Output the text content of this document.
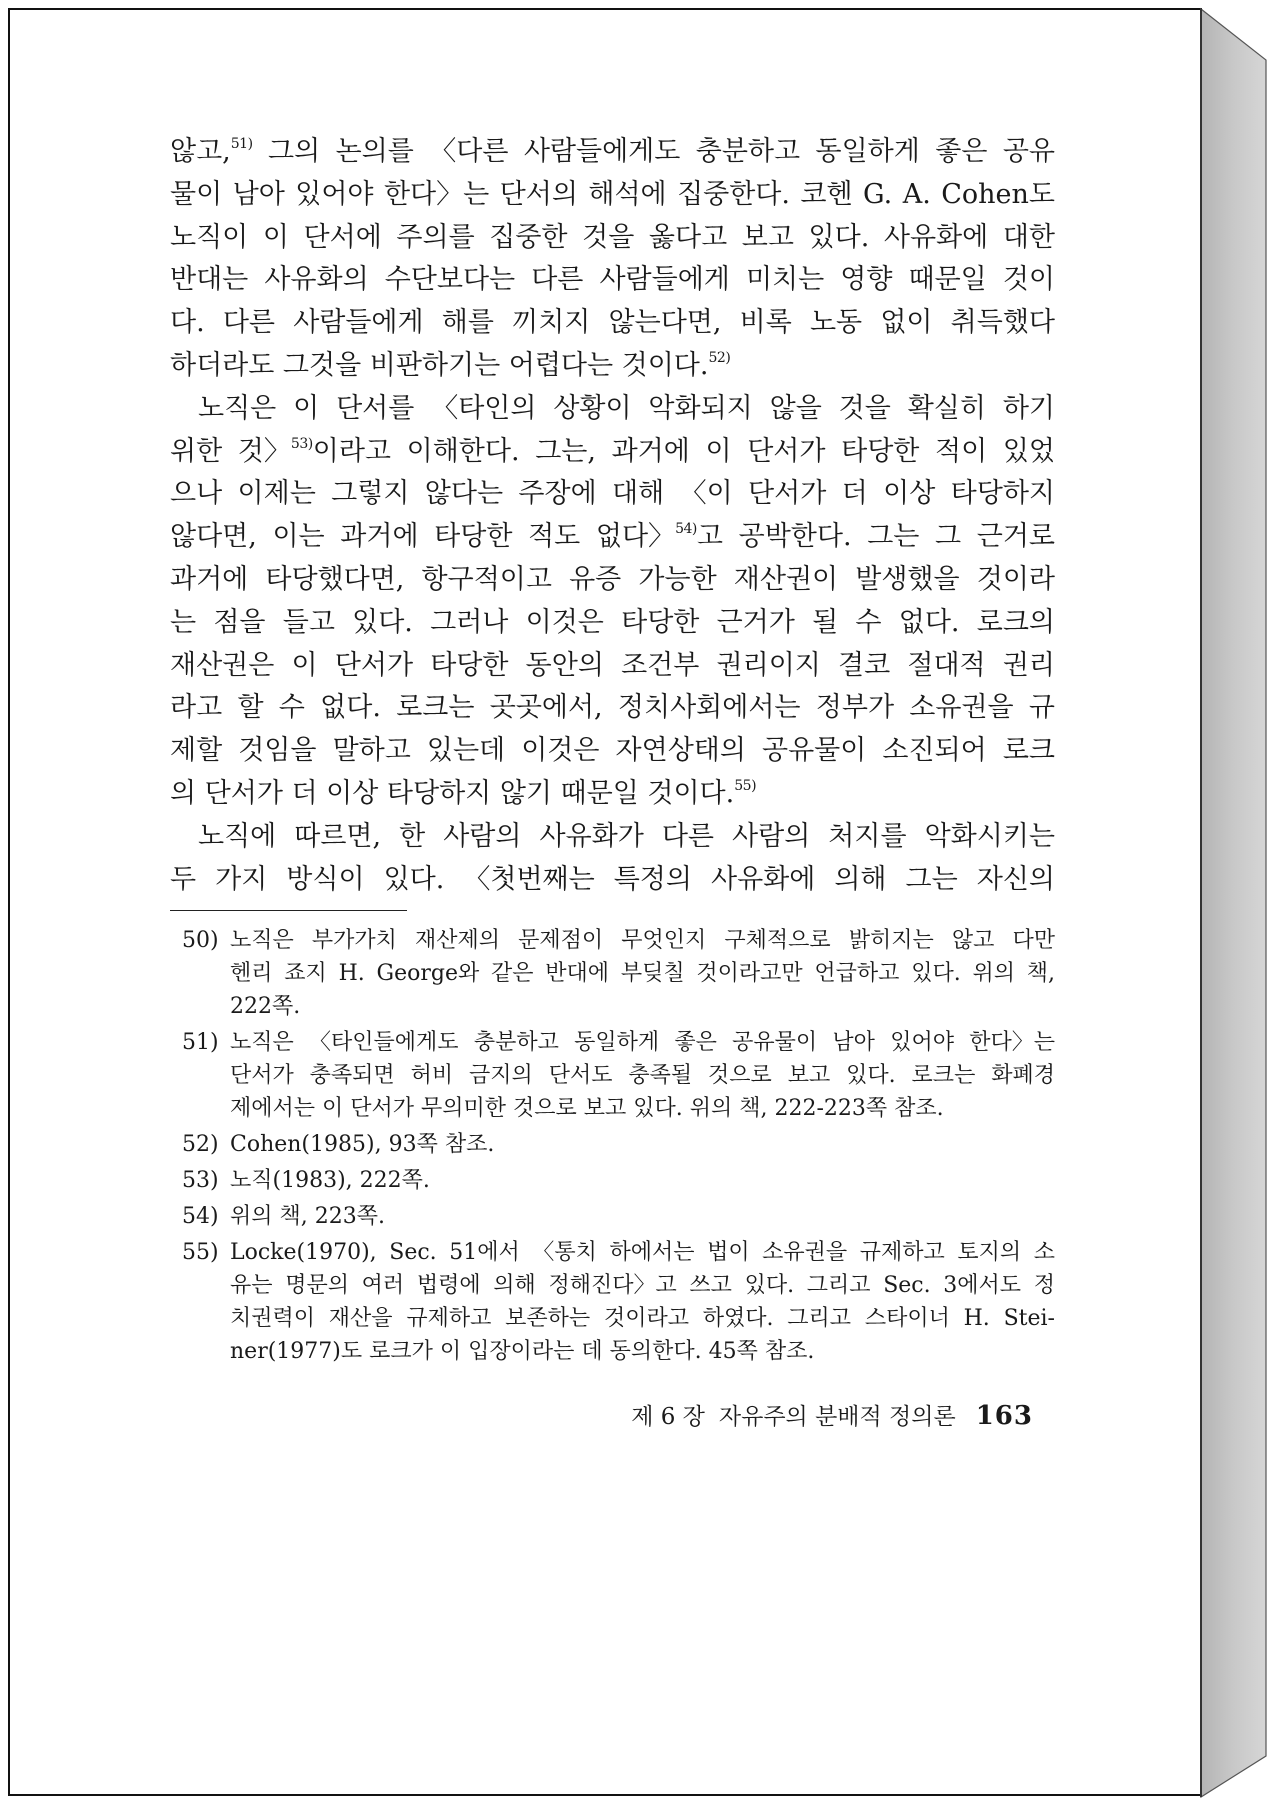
않고,$^{51)}$ 그의 논의를 〈다른 사람들에게도 충분하고 동일하게 좋은 공유
물이 남아 있어야 한다〉는 단서의 해석에 집중한다. 코헨 G. A. Cohen도
노직이 이 단서에 주의를 집중한 것을 옳다고 보고 있다. 사유화에 대한
반대는 사유화의 수단보다는 다른 사람들에게 미치는 영향 때문일 것이
다. 다른 사람들에게 해를 끼치지 않는다면, 비록 노동 없이 취득했다
하더라도 그것을 비판하기는 어렵다는 것이다.$^{52)}$
노직은 이 단서를 〈타인의 상황이 악화되지 않을 것을 확실히 하기
위한 것〉$^{53)}$이라고 이해한다. 그는, 과거에 이 단서가 타당한 적이 있었
으나 이제는 그렇지 않다는 주장에 대해 〈이 단서가 더 이상 타당하지
않다면, 이는 과거에 타당한 적도 없다〉$^{54)}$고 공박한다. 그는 그 근거로
과거에 타당했다면, 항구적이고 유증 가능한 재산권이 발생했을 것이라
는 점을 들고 있다. 그러나 이것은 타당한 근거가 될 수 없다. 로크의
재산권은 이 단서가 타당한 동안의 조건부 권리이지 결코 절대적 권리
라고 할 수 없다. 로크는 곳곳에서, 정치사회에서는 정부가 소유권을 규
제할 것임을 말하고 있는데 이것은 자연상태의 공유물이 소진되어 로크
의 단서가 더 이상 타당하지 않기 때문일 것이다.$^{55)}$
노직에 따르면, 한 사람의 사유화가 다른 사람의 처지를 악화시키는
두 가지 방식이 있다. 〈첫번째는 특정의 사유화에 의해 그는 자신의
50) 노직은 부가가치 재산제의 문제점이 무엇인지 구체적으로 밝히지는 않고 다만
헨리 죠지 H. George와 같은 반대에 부딪칠 것이라고만 언급하고 있다. 위의 책,
222쪽.
51) 노직은 〈타인들에게도 충분하고 동일하게 좋은 공유물이 남아 있어야 한다〉는
단서가 충족되면 허비 금지의 단서도 충족될 것으로 보고 있다. 로크는 화폐경
제에서는 이 단서가 무의미한 것으로 보고 있다. 위의 책, 222-223쪽 참조.
52) Cohen(1985), 93쪽 참조.
53) 노직(1983), 222쪽.
54) 위의 책, 223쪽.
55) Locke(1970), Sec. 51에서 〈통치 하에서는 법이 소유권을 규제하고 토지의 소
유는 명문의 여러 법령에 의해 정해진다〉고 쓰고 있다. 그리고 Sec. 3에서도 정
치권력이 재산을 규제하고 보존하는 것이라고 하였다. 그리고 스타이너 H. Stei-
ner(1977)도 로크가 이 입장이라는 데 동의한다. 45쪽 참조.
제 6 장 자유주의 분배적 정의론 163
